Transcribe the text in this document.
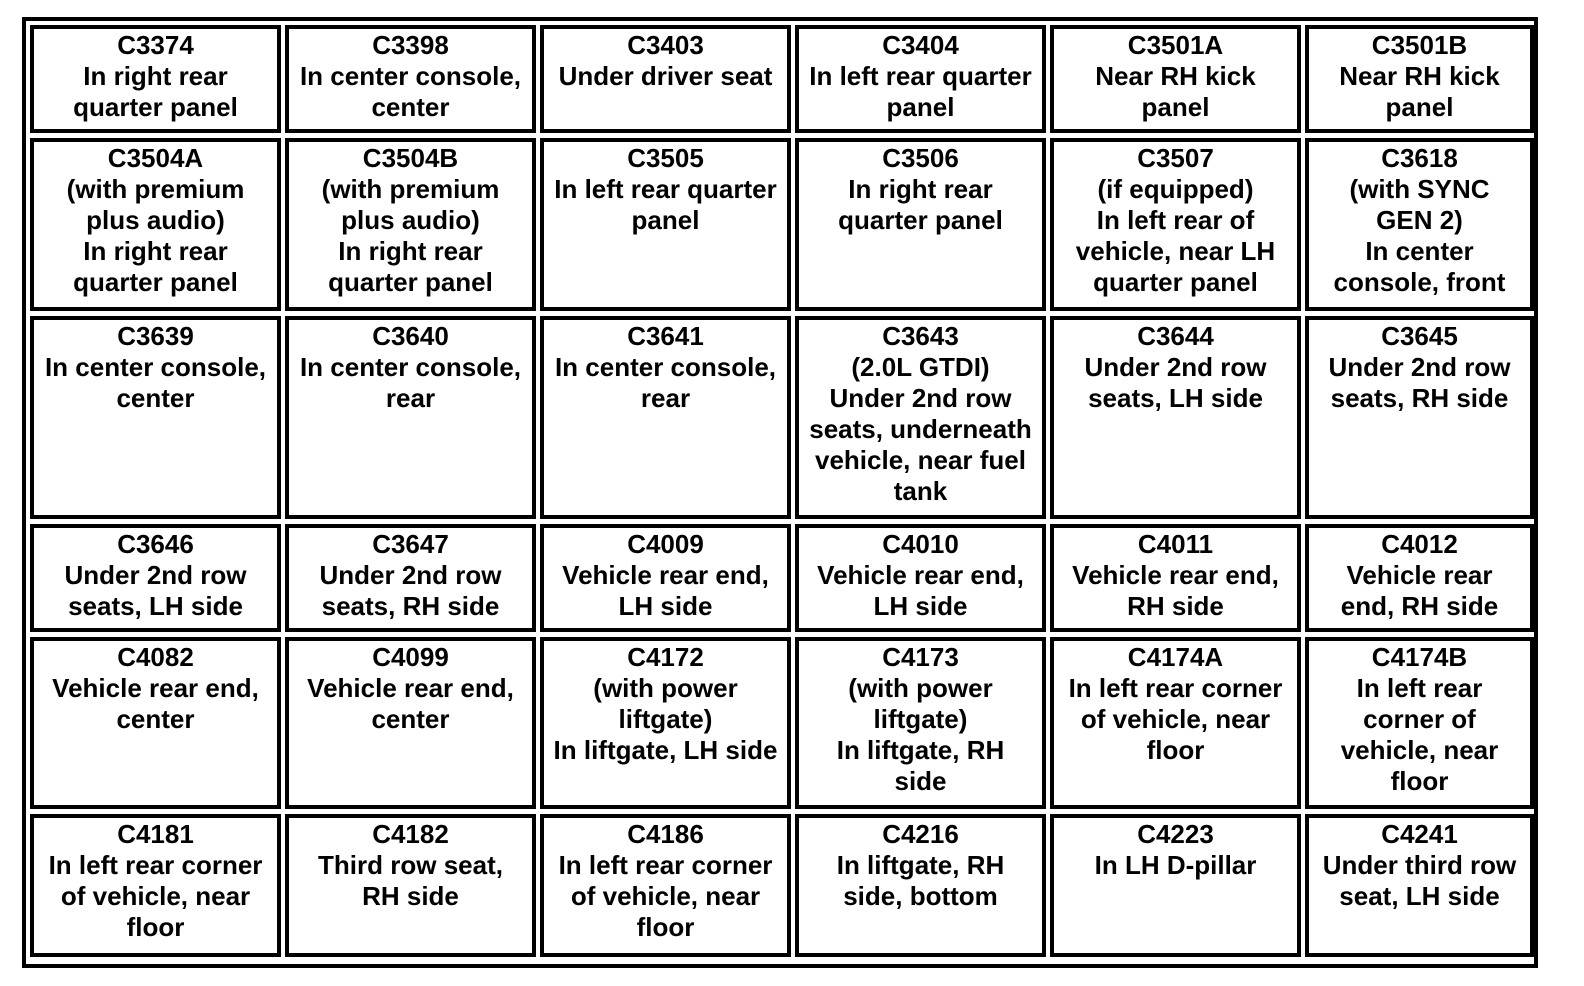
C3374
In right rear
quarter panel
C3398
In center console,
center
C3403
Under driver seat
C3404
In left rear quarter
panel
C3501A
Near RH kick
panel
C3501B
Near RH kick
panel
C3504A
(with premium
plus audio)
In right rear
quarter panel
C3504B
(with premium
plus audio)
In right rear
quarter panel
C3505
In left rear quarter
panel
C3506
In right rear
quarter panel
C3507
(if equipped)
In left rear of
vehicle, near LH
quarter panel
C3618
(with SYNC
GEN 2)
In center
console, front
C3639
In center console,
center
C3640
In center console,
rear
C3641
In center console,
rear
C3643
(2.0L GTDI)
Under 2nd row
seats, underneath
vehicle, near fuel
tank
C3644
Under 2nd row
seats, LH side
C3645
Under 2nd row
seats, RH side
C3646
Under 2nd row
seats, LH side
C3647
Under 2nd row
seats, RH side
C4009
Vehicle rear end,
LH side
C4010
Vehicle rear end,
LH side
C4011
Vehicle rear end,
RH side
C4012
Vehicle rear
end, RH side
C4082
Vehicle rear end,
center
C4099
Vehicle rear end,
center
C4172
(with power
liftgate)
In liftgate, LH side
C4173
(with power
liftgate)
In liftgate, RH
side
C4174A
In left rear corner
of vehicle, near
floor
C4174B
In left rear
corner of
vehicle, near
floor
C4181
In left rear corner
of vehicle, near
floor
C4182
Third row seat,
RH side
C4186
In left rear corner
of vehicle, near
floor
C4216
In liftgate, RH
side, bottom
C4223
In LH D-pillar
C4241
Under third row
seat, LH side
